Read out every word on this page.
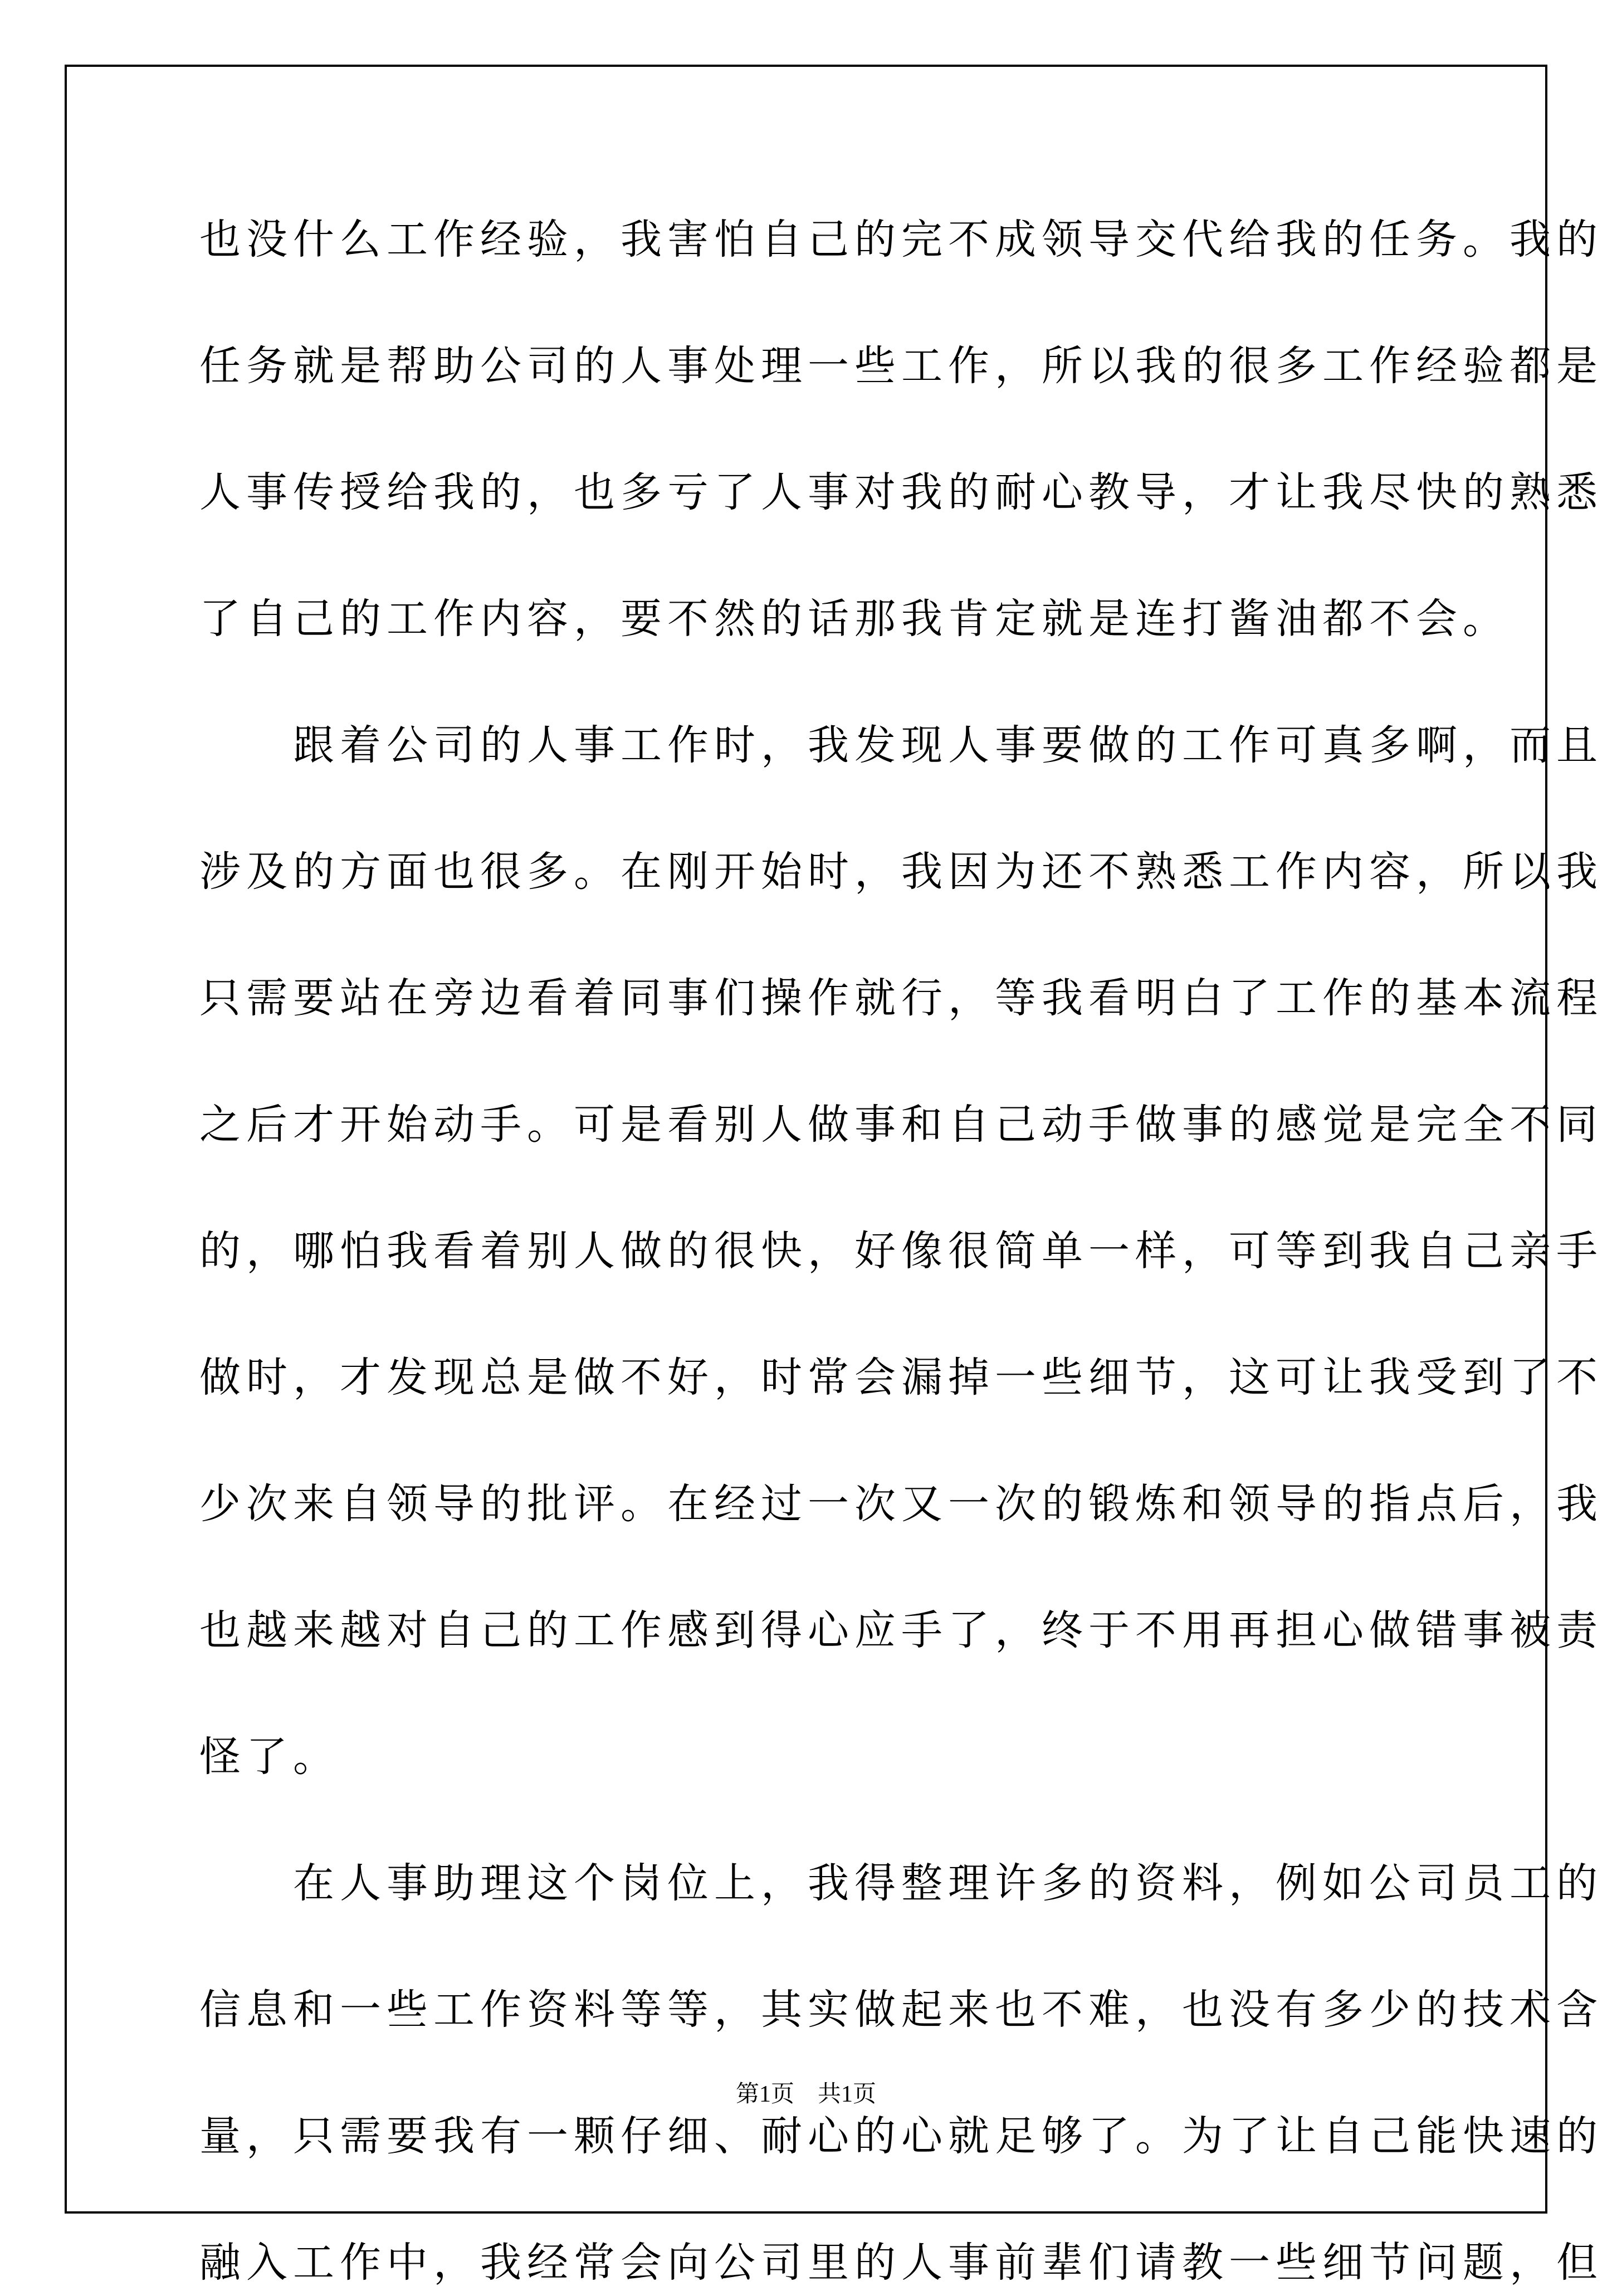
也没什么工作经验，我害怕自己的完不成领导交代给我的任务。我的
任务就是帮助公司的人事处理一些工作，所以我的很多工作经验都是
人事传授给我的，也多亏了人事对我的耐心教导，才让我尽快的熟悉
了自己的工作内容，要不然的话那我肯定就是连打酱油都不会。
　　跟着公司的人事工作时，我发现人事要做的工作可真多啊，而且
涉及的方面也很多。在刚开始时，我因为还不熟悉工作内容，所以我
只需要站在旁边看着同事们操作就行，等我看明白了工作的基本流程
之后才开始动手。可是看别人做事和自己动手做事的感觉是完全不同
的，哪怕我看着别人做的很快，好像很简单一样，可等到我自己亲手
做时，才发现总是做不好，时常会漏掉一些细节，这可让我受到了不
少次来自领导的批评。在经过一次又一次的锻炼和领导的指点后，我
也越来越对自己的工作感到得心应手了，终于不用再担心做错事被责
怪了。
　　在人事助理这个岗位上，我得整理许多的资料，例如公司员工的
信息和一些工作资料等等，其实做起来也不难，也没有多少的技术含
量，只需要我有一颗仔细、耐心的心就足够了。为了让自己能快速的
融入工作中，我经常会向公司里的人事前辈们请教一些细节问题，但
第1页　共1页
